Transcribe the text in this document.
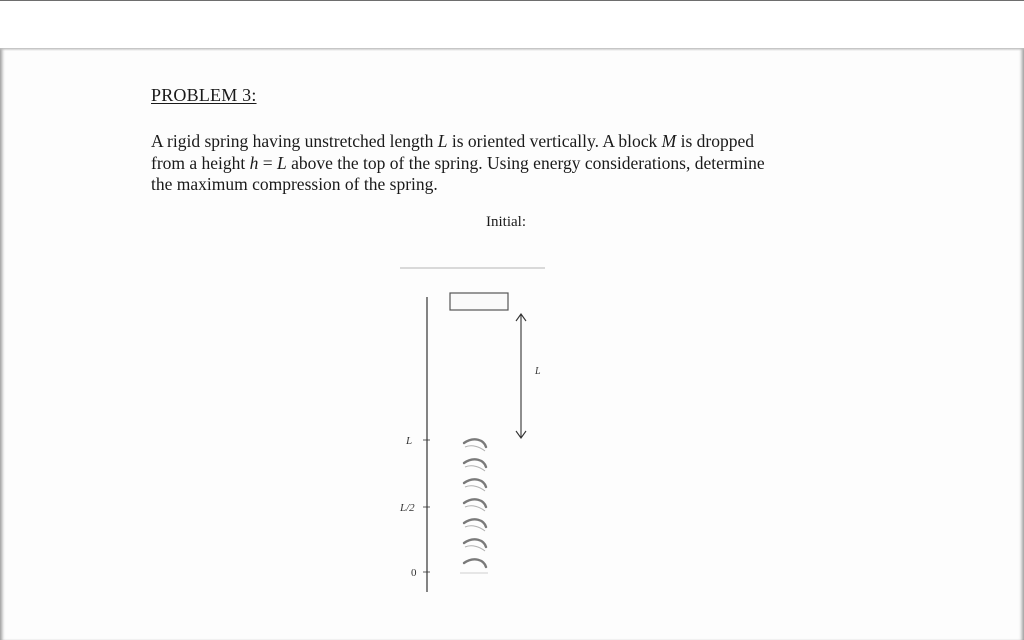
PROBLEM 3:
A rigid spring having unstretched length L is oriented vertically. A block M is dropped
from a height h = L above the top of the spring. Using energy considerations, determine
the maximum compression of the spring.

Initial:

L
L/2
0
L
